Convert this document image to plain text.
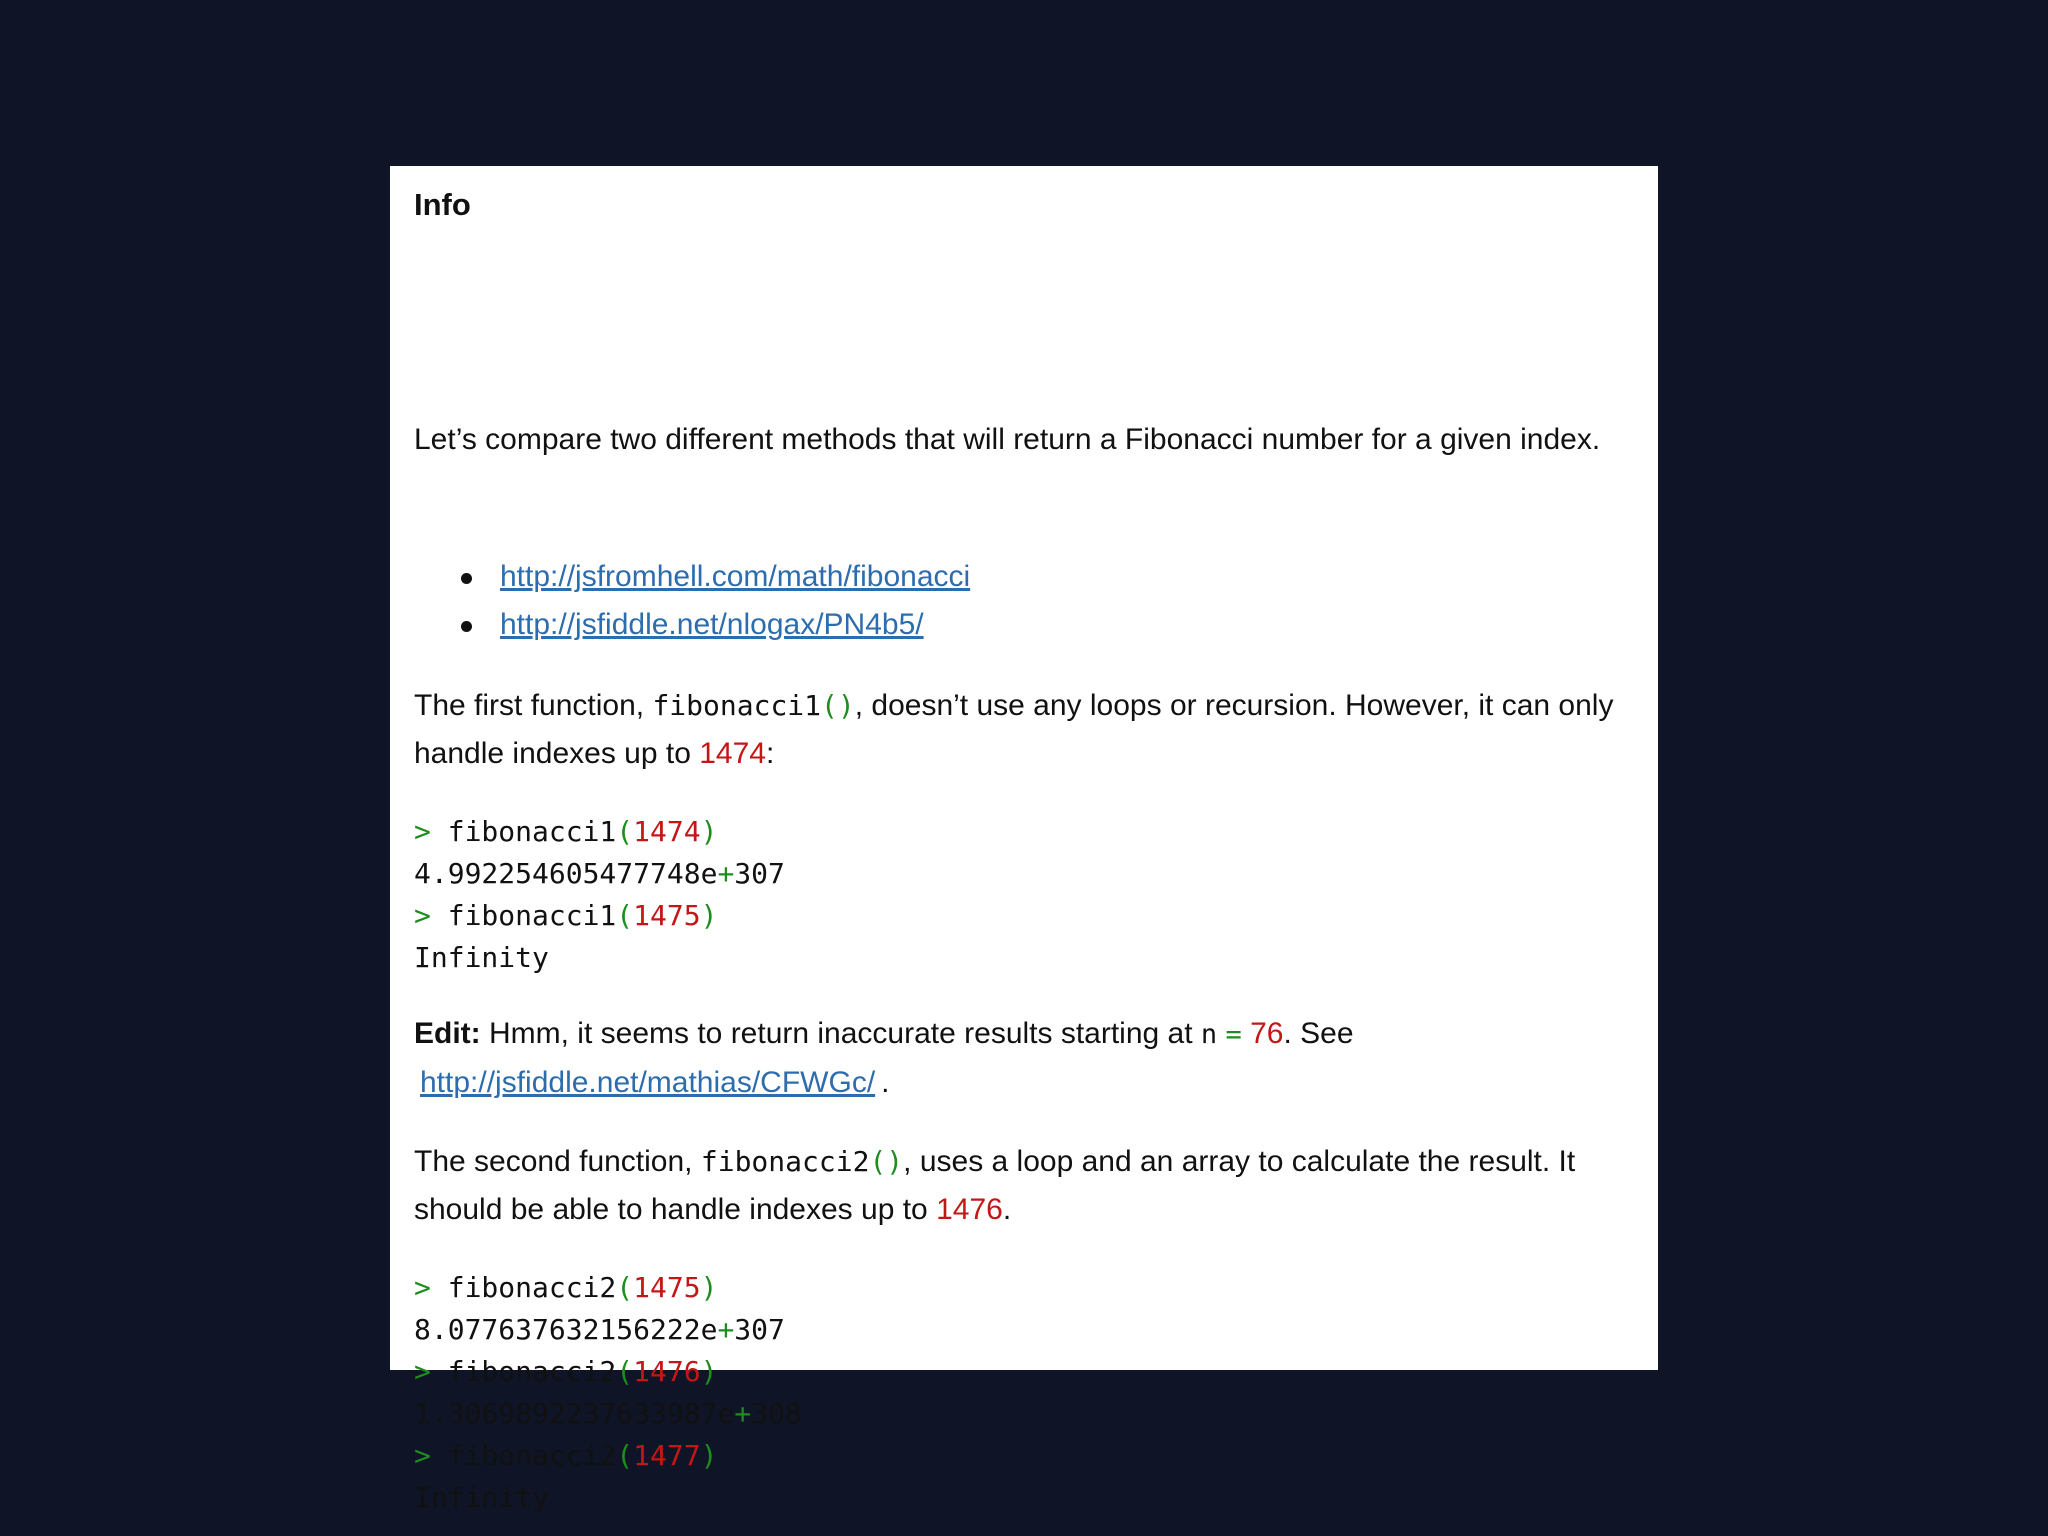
Info

Let’s compare two different methods that will return a Fibonacci number for a given index.

http://jsfromhell.com/math/fibonacci
http://jsfiddle.net/nlogax/PN4b5/

The first function, fibonacci1(), doesn’t use any loops or recursion. However, it can only handle indexes up to 1474:

> fibonacci1(1474)
4.992254605477748e+307
> fibonacci1(1475)
Infinity

Edit: Hmm, it seems to return inaccurate results starting at n = 76. See
http://jsfiddle.net/mathias/CFWGc/ .

The second function, fibonacci2(), uses a loop and an array to calculate the result. It should be able to handle indexes up to 1476.

> fibonacci2(1475)
8.077637632156222e+307
> fibonacci2(1476)
1.3069892237633987e+308
> fibonacci2(1477)
Infinity
